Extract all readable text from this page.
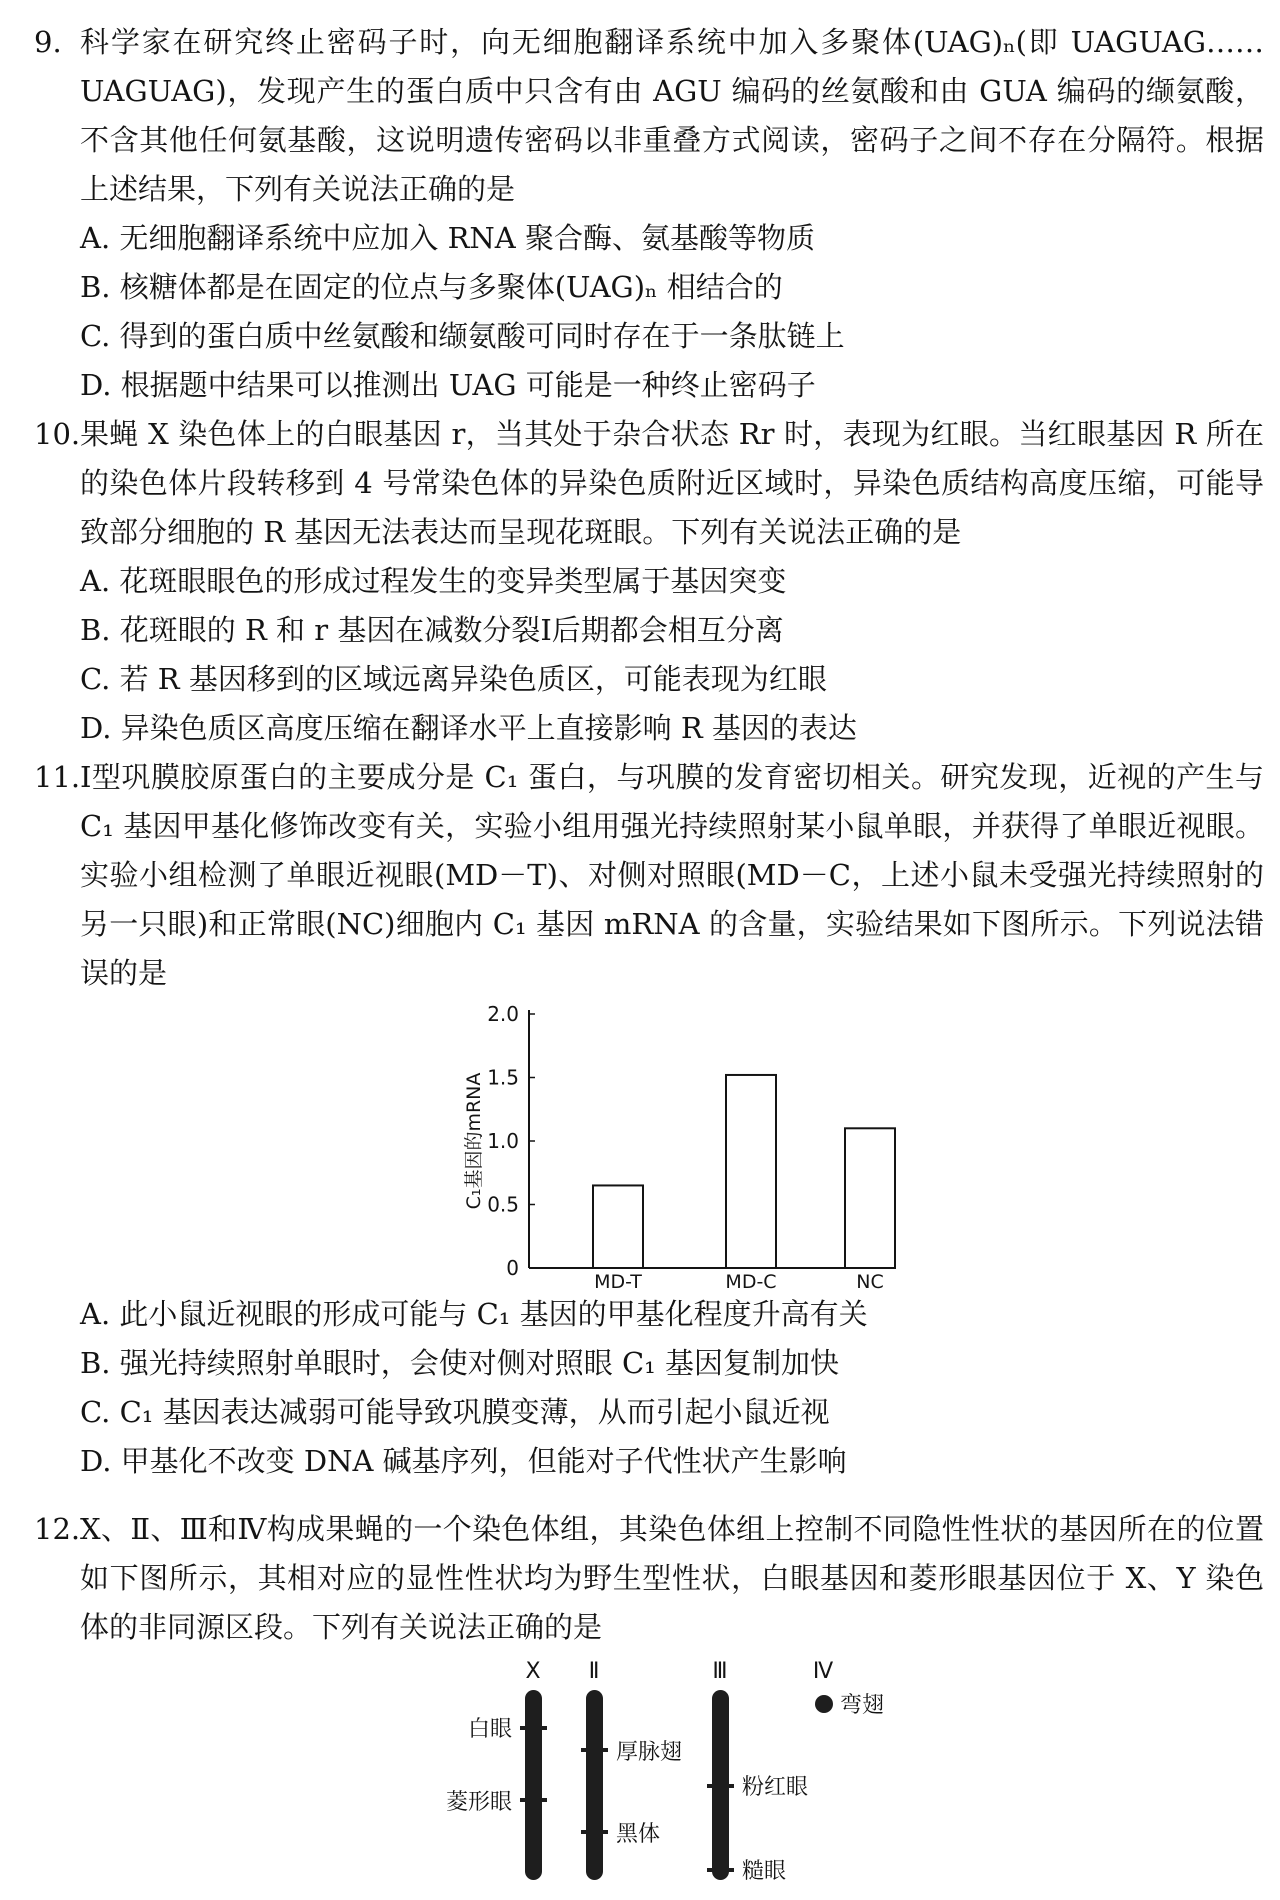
9. 科学家在研究终止密码子时，向无细胞翻译系统中加入多聚体(UAG)ₙ(即 UAGUAG……UAGUAG)，发现产生的蛋白质中只含有由 AGU 编码的丝氨酸和由 GUA 编码的缬氨酸，不含其他任何氨基酸，这说明遗传密码以非重叠方式阅读，密码子之间不存在分隔符。根据上述结果，下列有关说法正确的是
A. 无细胞翻译系统中应加入 RNA 聚合酶、氨基酸等物质
B. 核糖体都是在固定的位点与多聚体(UAG)ₙ 相结合的
C. 得到的蛋白质中丝氨酸和缬氨酸可同时存在于一条肽链上
D. 根据题中结果可以推测出 UAG 可能是一种终止密码子
10. 果蝇 X 染色体上的白眼基因 r，当其处于杂合状态 Rr 时，表现为红眼。当红眼基因 R 所在的染色体片段转移到 4 号常染色体的异染色质附近区域时，异染色质结构高度压缩，可能导致部分细胞的 R 基因无法表达而呈现花斑眼。下列有关说法正确的是
A. 花斑眼眼色的形成过程发生的变异类型属于基因突变
B. 花斑眼的 R 和 r 基因在减数分裂Ⅰ后期都会相互分离
C. 若 R 基因移到的区域远离异染色质区，可能表现为红眼
D. 异染色质区高度压缩在翻译水平上直接影响 R 基因的表达
11. Ⅰ型巩膜胶原蛋白的主要成分是 C₁ 蛋白，与巩膜的发育密切相关。研究发现，近视的产生与 C₁ 基因甲基化修饰改变有关，实验小组用强光持续照射某小鼠单眼，并获得了单眼近视眼。实验小组检测了单眼近视眼(MD－T)、对侧对照眼(MD－C，上述小鼠未受强光持续照射的另一只眼)和正常眼(NC)细胞内 C₁ 基因 mRNA 的含量，实验结果如下图所示。下列说法错误的是
0
0.5
1.0
1.5
2.0
C₁基因的mRNA
MD-T	MD-C	NC
A. 此小鼠近视眼的形成可能与 C₁ 基因的甲基化程度升高有关
B. 强光持续照射单眼时，会使对侧对照眼 C₁ 基因复制加快
C. C₁ 基因表达减弱可能导致巩膜变薄，从而引起小鼠近视
D. 甲基化不改变 DNA 碱基序列，但能对子代性状产生影响
12. X、Ⅱ、Ⅲ和Ⅳ构成果蝇的一个染色体组，其染色体组上控制不同隐性性状的基因所在的位置如下图所示，其相对应的显性性状均为野生型性状，白眼基因和菱形眼基因位于 X、Y 染色体的非同源区段。下列有关说法正确的是
X Ⅱ	Ⅲ	Ⅳ
白眼
菱形眼
厚脉翅
黑体
粉红眼
糙眼
弯翅
